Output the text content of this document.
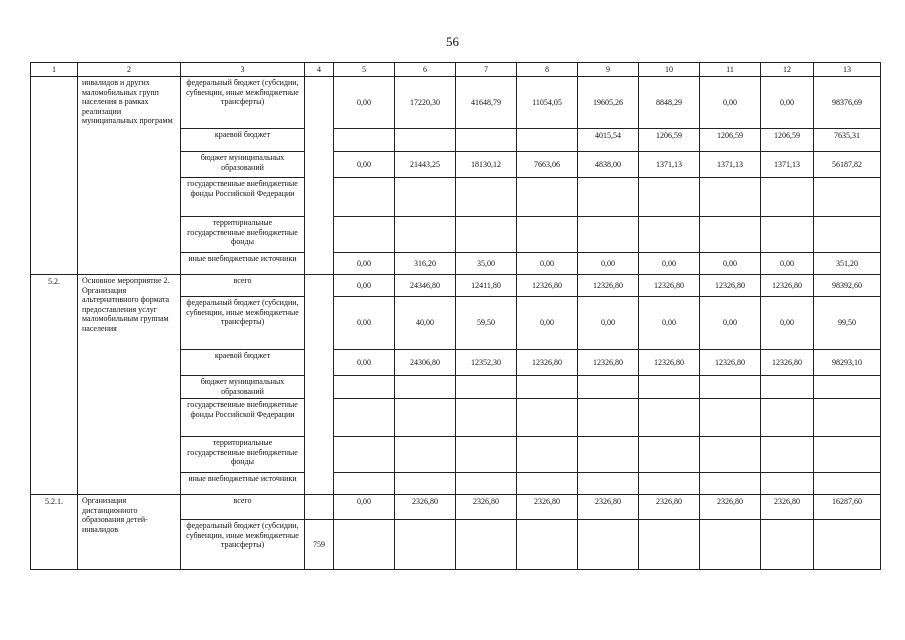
56
1	2	3	4	5	6	7	8	9	10	11	12	13
	инвалидов и других маломобильных групп населения в рамках реализации муниципальных программ	федеральный бюджет (субсидии, субвенции, иные межбюджетные трансферты)		0,00	17220,30	41648,79	11054,05	19605,26	8848,29	0,00	0,00	98376,69
		краевой бюджет						4015,54	1206,59	1206,59	1206,59	7635,31
		бюджет муниципальных образований		0,00	21443,25	18130,12	7663,06	4838,00	1371,13	1371,13	1371,13	56187,82
		государственные внебюджетные фонды Российской Федерации										
		территориальные государственные внебюджетные фонды										
		иные внебюджетные источники		0,00	316,20	35,00	0,00	0,00	0,00	0,00	0,00	351,20
5.2.	Основное мероприятие 2. Организация альтернативного формата предоставления услуг маломобильным группам населения	всего		0,00	24346,80	12411,80	12326,80	12326,80	12326,80	12326,80	12326,80	98392,60
		федеральный бюджет (субсидии, субвенции, иные межбюджетные трансферты)		0,00	40,00	59,50	0,00	0,00	0,00	0,00	0,00	99,50
		краевой бюджет		0,00	24306,80	12352,30	12326,80	12326,80	12326,80	12326,80	12326,80	98293,10
		бюджет муниципальных образований										
		государственные внебюджетные фонды Российской Федерации										
		территориальные государственные внебюджетные фонды										
		иные внебюджетные источники										
5.2.1.	Организация дистанционного образования детей-инвалидов	всего		0,00	2326,80	2326,80	2326,80	2326,80	2326,80	2326,80	2326,80	16287,60
		федеральный бюджет (субсидии, субвенции, иные межбюджетные трансферты)	759									
